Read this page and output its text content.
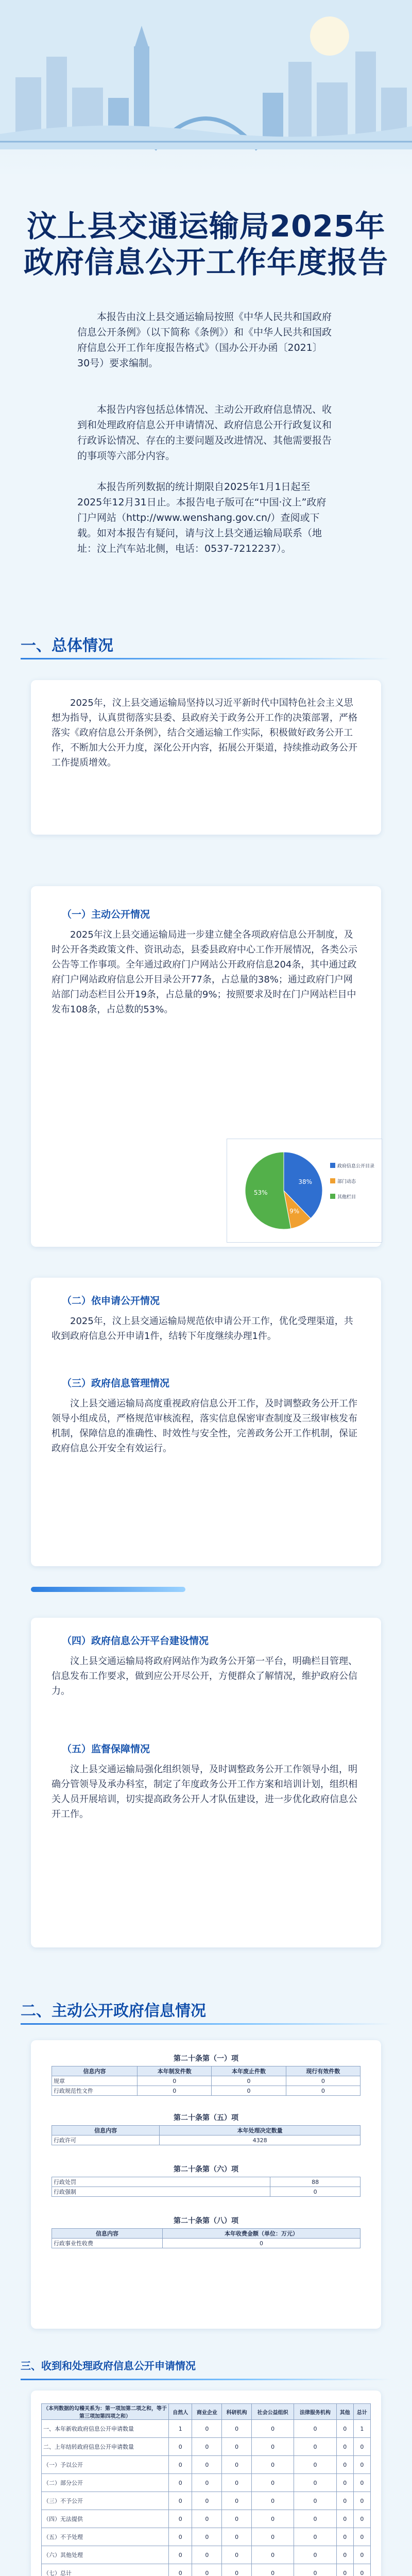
汶上县交通运输局2025年
政府信息公开工作年度报告

本报告由汶上县交通运输局按照《中华人民共和国政府信息公开条例》（以下简称《条例》）和《中华人民共和国政府信息公开工作年度报告格式》（国办公开办函〔2021〕30号）要求编制。

本报告内容包括总体情况、主动公开政府信息情况、收到和处理政府信息公开申请情况、政府信息公开行政复议和行政诉讼情况、存在的主要问题及改进情况、其他需要报告的事项等六部分内容。

本报告所列数据的统计期限自2025年1月1日起至2025年12月31日止。本报告电子版可在“中国·汶上”政府门户网站（http://www.wenshang.gov.cn/）查阅或下载。如对本报告有疑问，请与汶上县交通运输局联系（地址：汶上汽车站北侧，电话：0537-7212237）。

一、总体情况

2025年，汶上县交通运输局坚持以习近平新时代中国特色社会主义思想为指导，认真贯彻落实县委、县政府关于政务公开工作的决策部署，严格落实《政府信息公开条例》，结合交通运输工作实际，积极做好政务公开工作，不断加大公开力度，深化公开内容，拓展公开渠道，持续推动政务公开工作提质增效。

（一）主动公开情况

2025年汶上县交通运输局进一步建立健全各项政府信息公开制度，及时公开各类政策文件、资讯动态，县委县政府中心工作开展情况，各类公示公告等工作事项。全年通过政府门户网站公开政府信息204条，其中通过政府门户网站政府信息公开目录公开77条，占总量的38%；通过政府门户网站部门动态栏目公开19条，占总量的9%；按照要求及时在门户网站栏目中发布108条，占总数的53%。

38%
9%
53%
政府信息公开目录
部门动态
其他栏目

（二）依申请公开情况

2025年，汶上县交通运输局规范依申请公开工作，优化受理渠道，共收到政府信息公开申请1件，结转下年度继续办理1件。

（三）政府信息管理情况

汶上县交通运输局高度重视政府信息公开工作，及时调整政务公开工作领导小组成员，严格规范审核流程，落实信息保密审查制度及三级审核发布机制，保障信息的准确性、时效性与安全性，完善政务公开工作机制，保证政府信息公开安全有效运行。

（四）政府信息公开平台建设情况

汶上县交通运输局将政府网站作为政务公开第一平台，明确栏目管理、信息发布工作要求，做到应公开尽公开，方便群众了解情况，维护政府公信力。

（五）监督保障情况

汶上县交通运输局强化组织领导，及时调整政务公开工作领导小组，明确分管领导及承办科室，制定了年度政务公开工作方案和培训计划，组织相关人员开展培训，切实提高政务公开人才队伍建设，进一步优化政府信息公开工作。

二、主动公开政府信息情况
第二十条第（一）项
信息内容	本年制发件数	本年废止件数	现行有效件数
规章	0	0	0
行政规范性文件	0	0	0
第二十条第（五）项
信息内容	本年处理决定数量
行政许可	4328
第二十条第（六）项
行政处罚	88
行政强制	0
第二十条第（八）项
信息内容	本年收费金额（单位：万元）
行政事业性收费	0
三、收到和处理政府信息公开申请情况
（本列数据的勾稽关系为：第一项加第二项之和，等于第三项加第四项之和）	自然人	商业企业	科研机构	社会公益组织	法律服务机构	其他	总计
一、本年新收政府信息公开申请数量	1	0	0	0	0	0	1
二、上年结转政府信息公开申请数量	0	0	0	0	0	0	0
（一）予以公开	0	0	0	0	0	0	0
（二）部分公开	0	0	0	0	0	0	0
（三）不予公开	0	0	0	0	0	0	0
（四）无法提供	0	0	0	0	0	0	0
（五）不予处理	0	0	0	0	0	0	0
（六）其他处理	0	0	0	0	0	0	0
（七）总计	0	0	0	0	0	0	0
